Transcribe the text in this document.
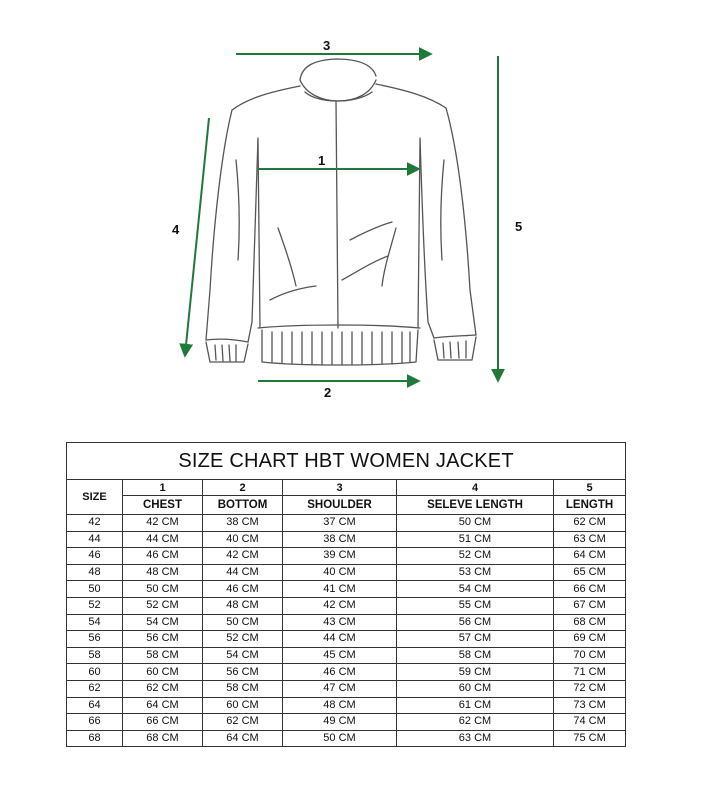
1
2
3
4	5
SIZE CHART HBT WOMEN JACKET					
SIZE	1	2	3	4	5
	CHEST	BOTTOM	SHOULDER	SELEVE LENGTH	LENGTH
42	42 CM	38 CM	37 CM	50 CM	62 CM
44	44 CM	40 CM	38 CM	51 CM	63 CM
46	46 CM	42 CM	39 CM	52 CM	64 CM
48	48 CM	44 CM	40 CM	53 CM	65 CM
50	50 CM	46 CM	41 CM	54 CM	66 CM
52	52 CM	48 CM	42 CM	55 CM	67 CM
54	54 CM	50 CM	43 CM	56 CM	68 CM
56	56 CM	52 CM	44 CM	57 CM	69 CM
58	58 CM	54 CM	45 CM	58 CM	70 CM
60	60 CM	56 CM	46 CM	59 CM	71 CM
62	62 CM	58 CM	47 CM	60 CM	72 CM
64	64 CM	60 CM	48 CM	61 CM	73 CM
66	66 CM	62 CM	49 CM	62 CM	74 CM
68	68 CM	64 CM	50 CM	63 CM	75 CM
